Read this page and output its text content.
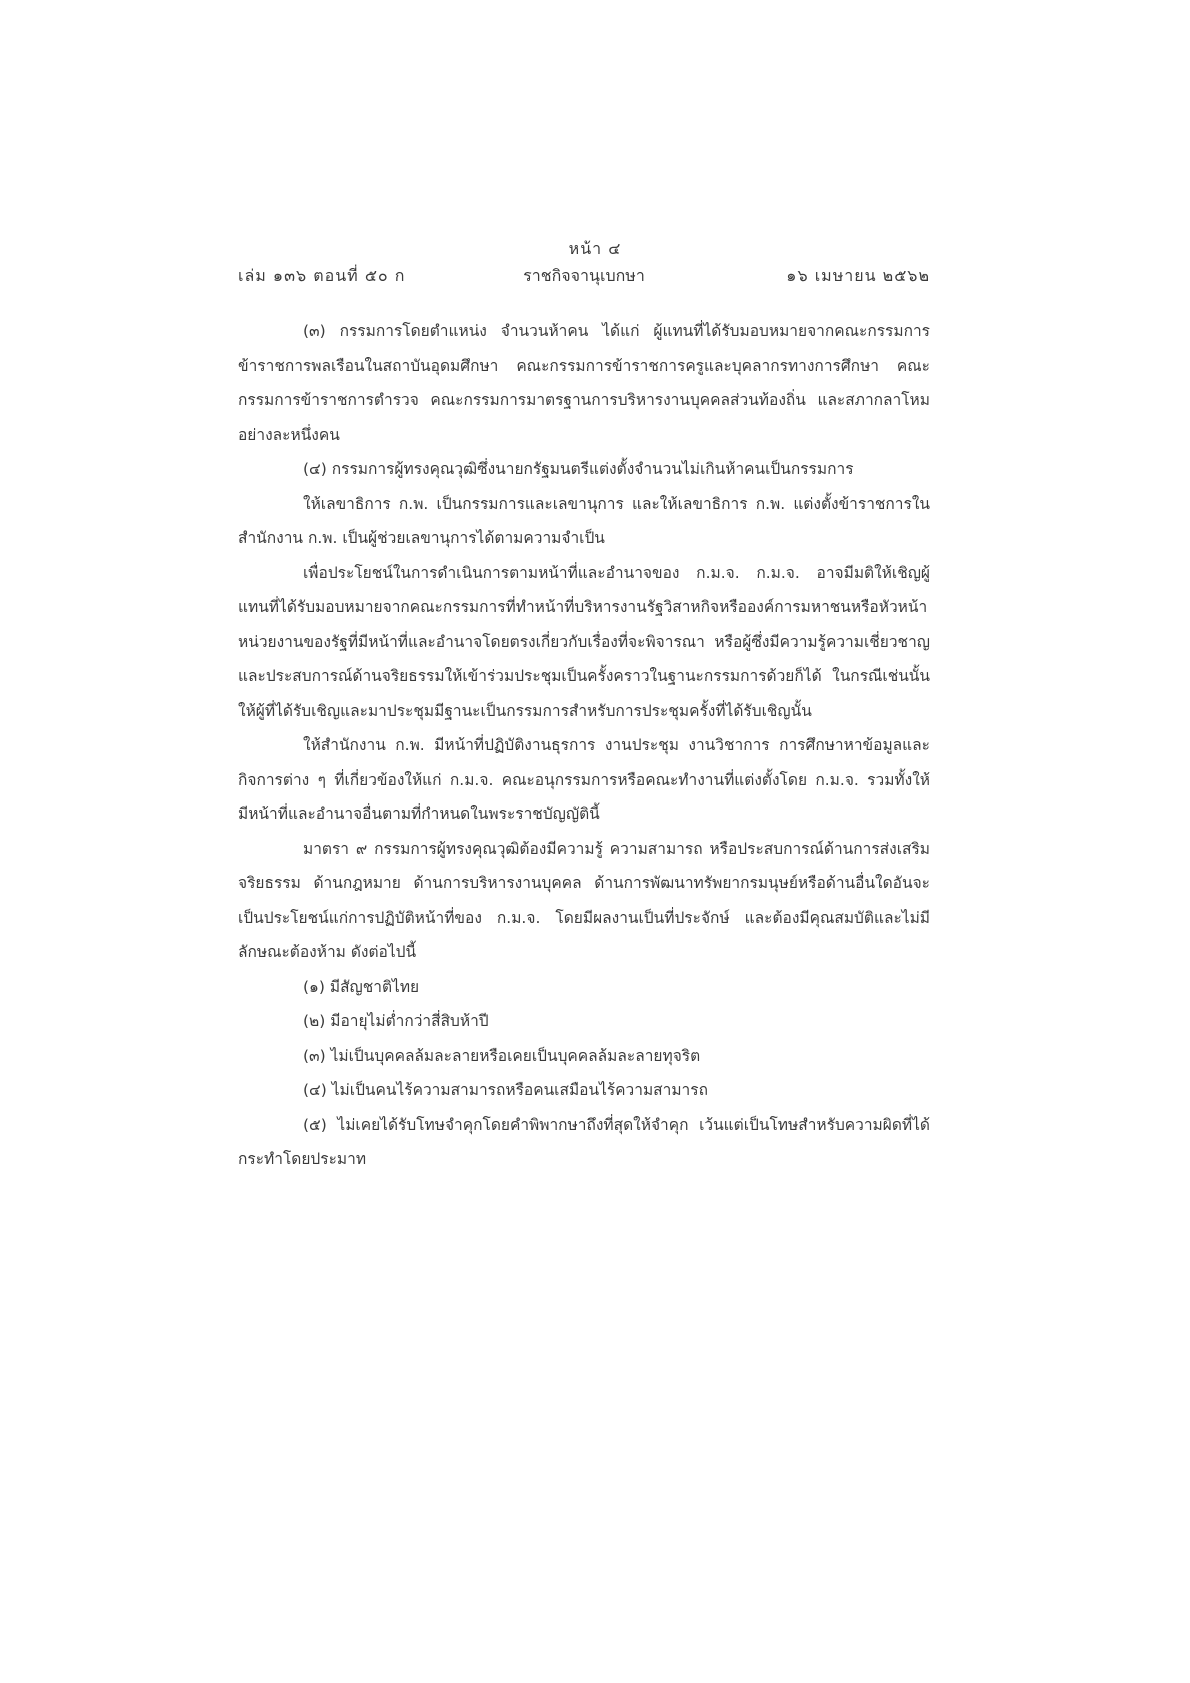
หน้า ๔
ราชกิจจานุเบกษา
เล่ม ๑๓๖ ตอนที่ ๕๐ ก	๑๖ เมษายน ๒๕๖๒

(๓) กรรมการโดยตำแหน่ง จำนวนห้าคน ได้แก่ ผู้แทนที่ได้รับมอบหมายจากคณะกรรมการข้าราชการพลเรือนในสถาบันอุดมศึกษา คณะกรรมการข้าราชการครูและบุคลากรทางการศึกษา คณะกรรมการข้าราชการตำรวจ คณะกรรมการมาตรฐานการบริหารงานบุคคลส่วนท้องถิ่น และสภากลาโหม อย่างละหนึ่งคน

(๔) กรรมการผู้ทรงคุณวุฒิซึ่งนายกรัฐมนตรีแต่งตั้งจำนวนไม่เกินห้าคนเป็นกรรมการ

ให้เลขาธิการ ก.พ. เป็นกรรมการและเลขานุการ และให้เลขาธิการ ก.พ. แต่งตั้งข้าราชการในสำนักงาน ก.พ. เป็นผู้ช่วยเลขานุการได้ตามความจำเป็น

เพื่อประโยชน์ในการดำเนินการตามหน้าที่และอำนาจของ ก.ม.จ. ก.ม.จ. อาจมีมติให้เชิญผู้แทนที่ได้รับมอบหมายจากคณะกรรมการที่ทำหน้าที่บริหารงานรัฐวิสาหกิจหรือองค์การมหาชนหรือหัวหน้าหน่วยงานของรัฐที่มีหน้าที่และอำนาจโดยตรงเกี่ยวกับเรื่องที่จะพิจารณา หรือผู้ซึ่งมีความรู้ความเชี่ยวชาญและประสบการณ์ด้านจริยธรรมให้เข้าร่วมประชุมเป็นครั้งคราวในฐานะกรรมการด้วยก็ได้ ในกรณีเช่นนั้น ให้ผู้ที่ได้รับเชิญและมาประชุมมีฐานะเป็นกรรมการสำหรับการประชุมครั้งที่ได้รับเชิญนั้น

ให้สำนักงาน ก.พ. มีหน้าที่ปฏิบัติงานธุรการ งานประชุม งานวิชาการ การศึกษาหาข้อมูลและกิจการต่าง ๆ ที่เกี่ยวข้องให้แก่ ก.ม.จ. คณะอนุกรรมการหรือคณะทำงานที่แต่งตั้งโดย ก.ม.จ. รวมทั้งให้มีหน้าที่และอำนาจอื่นตามที่กำหนดในพระราชบัญญัตินี้

มาตรา ๙ กรรมการผู้ทรงคุณวุฒิต้องมีความรู้ ความสามารถ หรือประสบการณ์ด้านการส่งเสริมจริยธรรม ด้านกฎหมาย ด้านการบริหารงานบุคคล ด้านการพัฒนาทรัพยากรมนุษย์หรือด้านอื่นใดอันจะเป็นประโยชน์แก่การปฏิบัติหน้าที่ของ ก.ม.จ. โดยมีผลงานเป็นที่ประจักษ์ และต้องมีคุณสมบัติและไม่มีลักษณะต้องห้าม ดังต่อไปนี้

(๑) มีสัญชาติไทย

(๒) มีอายุไม่ต่ำกว่าสี่สิบห้าปี

(๓) ไม่เป็นบุคคลล้มละลายหรือเคยเป็นบุคคลล้มละลายทุจริต

(๔) ไม่เป็นคนไร้ความสามารถหรือคนเสมือนไร้ความสามารถ

(๕) ไม่เคยได้รับโทษจำคุกโดยคำพิพากษาถึงที่สุดให้จำคุก เว้นแต่เป็นโทษสำหรับความผิดที่ได้กระทำโดยประมาท
